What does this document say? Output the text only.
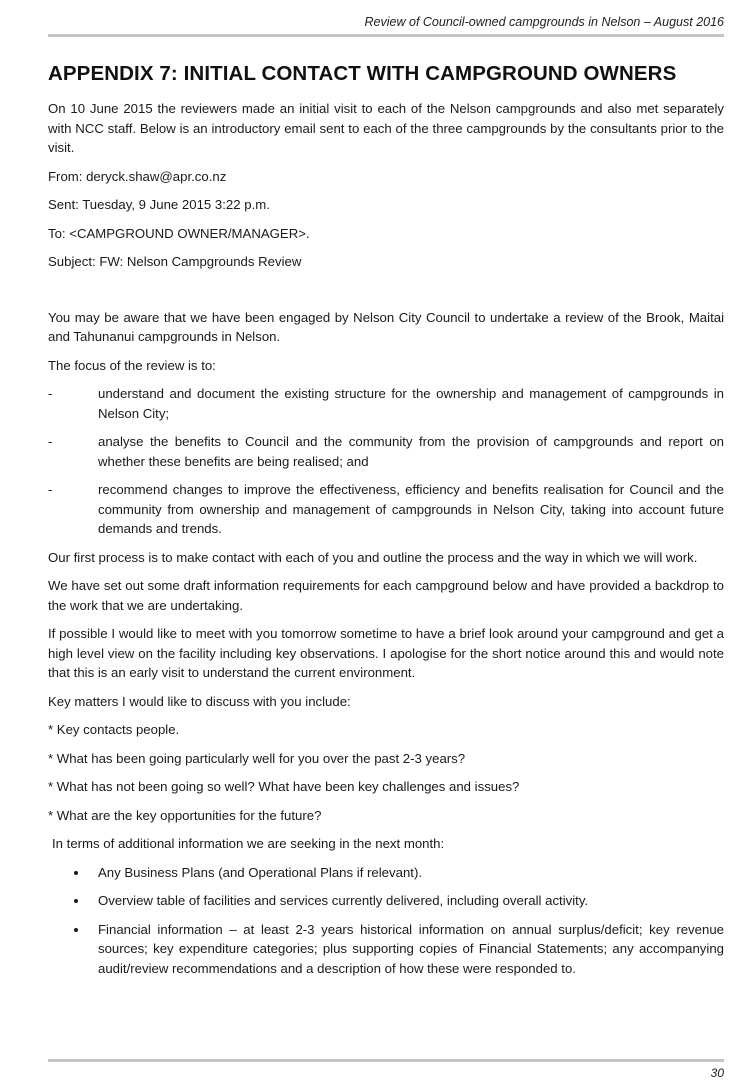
Review of Council-owned campgrounds in Nelson – August 2016
APPENDIX 7: INITIAL CONTACT WITH CAMPGROUND OWNERS

On 10 June 2015 the reviewers made an initial visit to each of the Nelson campgrounds and also met separately with NCC staff. Below is an introductory email sent to each of the three campgrounds by the consultants prior to the visit.

From: deryck.shaw@apr.co.nz

Sent: Tuesday, 9 June 2015 3:22 p.m.

To: <CAMPGROUND OWNER/MANAGER>.

Subject: FW: Nelson Campgrounds Review

You may be aware that we have been engaged by Nelson City Council to undertake a review of the Brook, Maitai and Tahunanui campgrounds in Nelson.

The focus of the review is to:

-	understand and document the existing structure for the ownership and management of campgrounds in Nelson City;
-	analyse the benefits to Council and the community from the provision of campgrounds and report on whether these benefits are being realised; and
-	recommend changes to improve the effectiveness, efficiency and benefits realisation for Council and the community from ownership and management of campgrounds in Nelson City, taking into account future demands and trends.

Our first process is to make contact with each of you and outline the process and the way in which we will work.

We have set out some draft information requirements for each campground below and have provided a backdrop to the work that we are undertaking.

If possible I would like to meet with you tomorrow sometime to have a brief look around your campground and get a high level view on the facility including key observations. I apologise for the short notice around this and would note that this is an early visit to understand the current environment.

Key matters I would like to discuss with you include:

* Key contacts people.

* What has been going particularly well for you over the past 2-3 years?

* What has not been going so well? What have been key challenges and issues?

* What are the key opportunities for the future?

In terms of additional information we are seeking in the next month:

Any Business Plans (and Operational Plans if relevant).
Overview table of facilities and services currently delivered, including overall activity.
Financial information – at least 2-3 years historical information on annual surplus/deficit; key revenue sources; key expenditure categories; plus supporting copies of Financial Statements; any accompanying audit/review recommendations and a description of how these were responded to.
30
